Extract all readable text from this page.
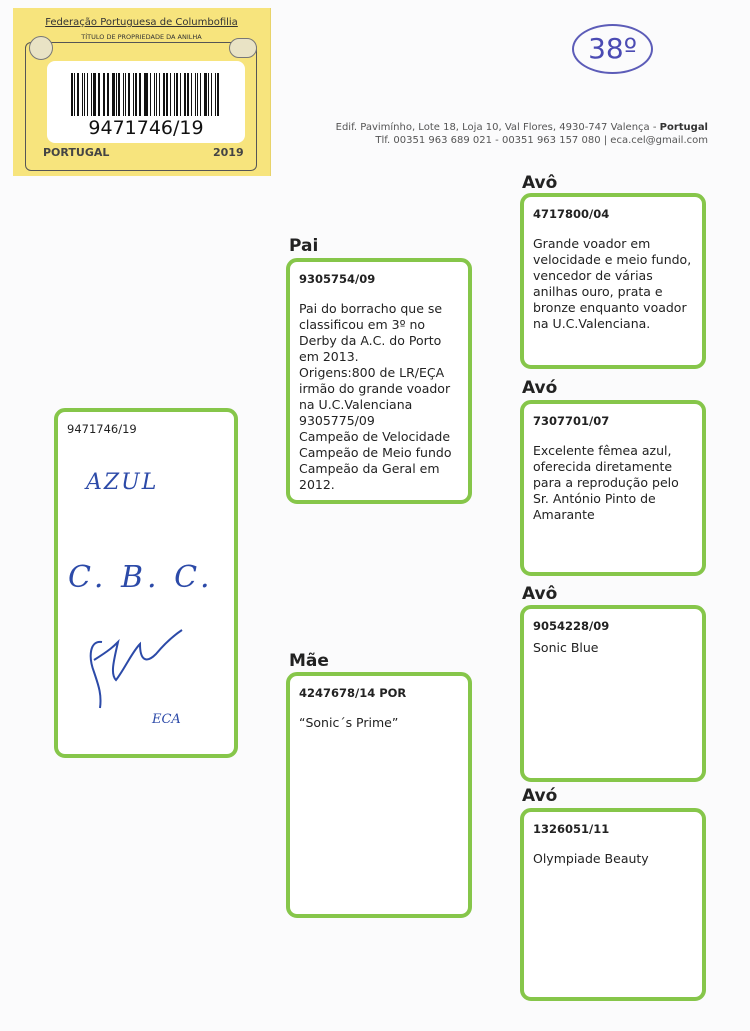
Federação Portuguesa de Columbofilia
TÍTULO DE PROPRIEDADE DA ANILHA
9471746/19
PORTUGAL	2019
38º
Edif. Pavimínho, Lote 18, Loja 10, Val Flores, 4930-747 Valença - Portugal
Tlf. 00351 963 689 021 - 00351 963 157 080 | eca.cel@gmail.com
9471746/19
AZUL
C. B. C.
ECA
Pai
9305754/09
Pai do borracho que se classificou em 3º no Derby da A.C. do Porto em 2013.
Origens:800 de LR/EÇA irmão do grande voador na U.C.Valenciana 9305775/09
Campeão de Velocidade Campeão de Meio fundo Campeão da Geral em 2012.
Mãe
4247678/14 POR
“Sonic´s Prime”
Avô
4717800/04
Grande voador em velocidade e meio fundo, vencedor de várias anilhas ouro, prata e bronze enquanto voador na U.C.Valenciana.
Avó
7307701/07
Excelente fêmea azul, oferecida diretamente para a reprodução pelo Sr. António Pinto de Amarante
Avô
9054228/09
Sonic Blue
Avó
1326051/11
Olympiade Beauty
